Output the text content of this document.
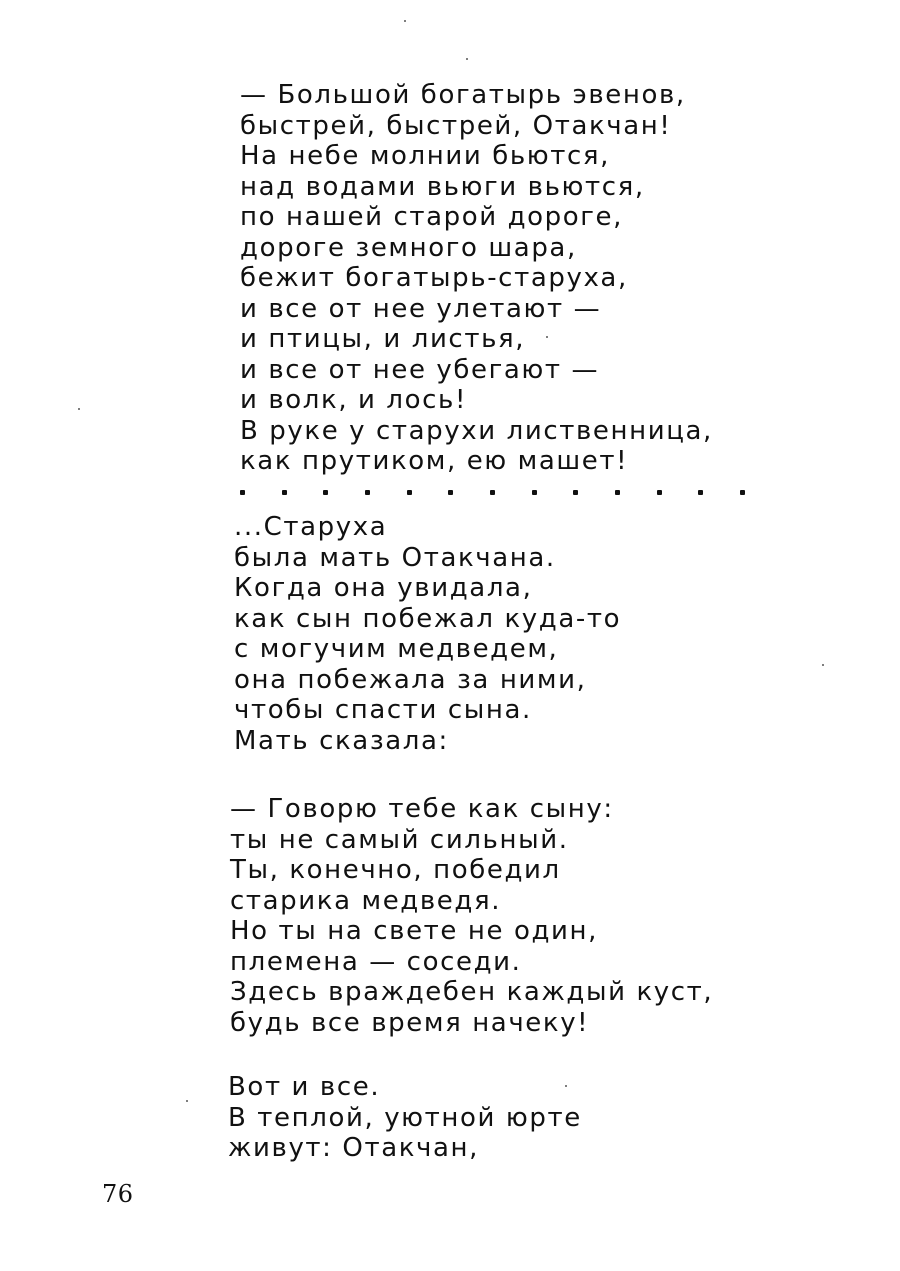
— Большой богатырь эвенов,
быстрей, быстрей, Отакчан!
На небе молнии бьются,
над водами вьюги вьются,
по нашей старой дороге,
дороге земного шара,
бежит богатырь-старуха,
и все от нее улетают —
и птицы, и листья,
и все от нее убегают —
и волк, и лось!
В руке у старухи лиственница,
как прутиком, ею машет!
...Старуха
была мать Отакчана.
Когда она увидала,
как сын побежал куда-то
с могучим медведем,
она побежала за ними,
чтобы спасти сына.
Мать сказала:
— Говорю тебе как сыну:
ты не самый сильный.
Ты, конечно, победил
старика медведя.
Но ты на свете не один,
племена — соседи.
Здесь враждебен каждый куст,
будь все время начеку!
Вот и все.
В теплой, уютной юрте
живут: Отакчан,
76
